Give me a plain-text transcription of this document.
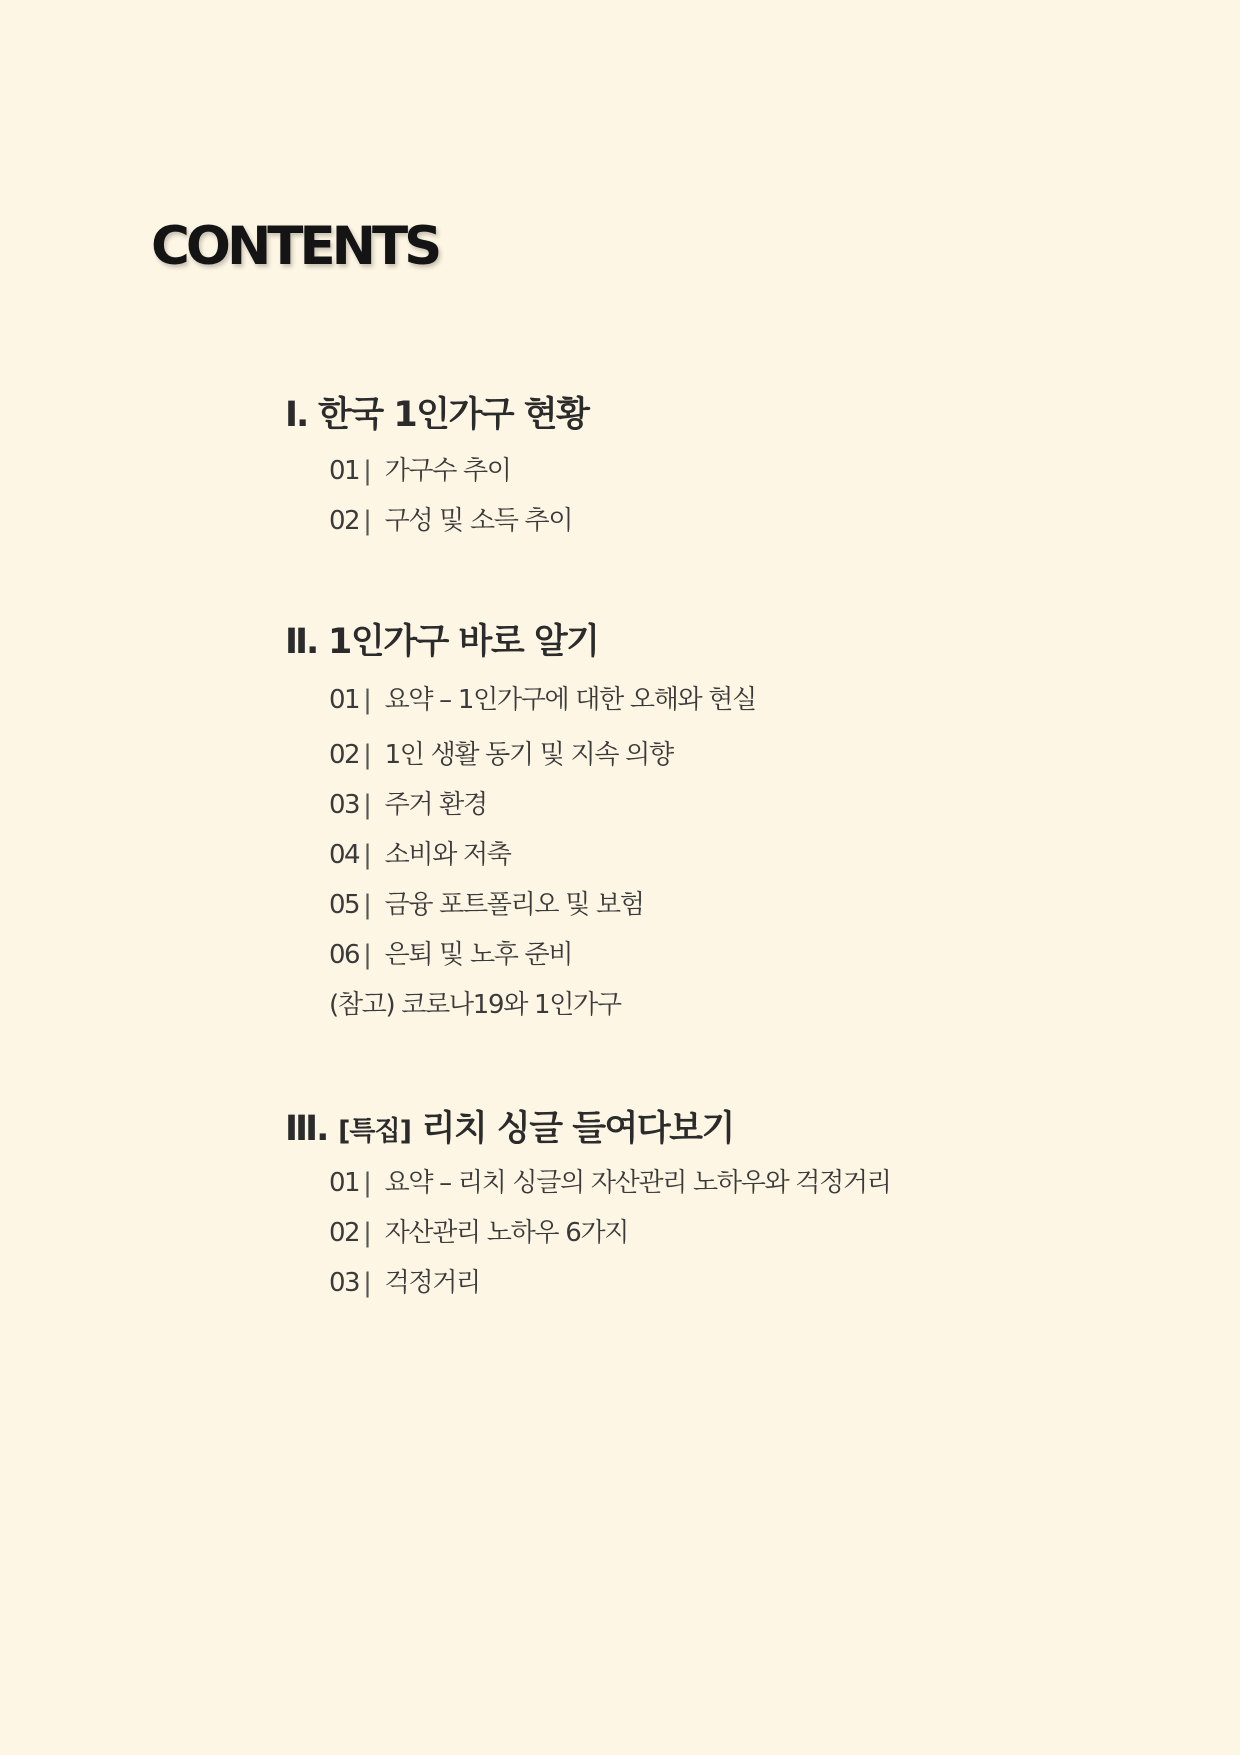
CONTENTS
Ⅰ. 한국 1인가구 현황
01 | 가구수 추이
02 | 구성 및 소득 추이
Ⅱ. 1인가구 바로 알기
01 | 요약 – 1인가구에 대한 오해와 현실
02 | 1인 생활 동기 및 지속 의향
03 | 주거 환경
04 | 소비와 저축
05 | 금융 포트폴리오 및 보험
06 | 은퇴 및 노후 준비
(참고) 코로나19와 1인가구
Ⅲ. [특집] 리치 싱글 들여다보기
01 | 요약 – 리치 싱글의 자산관리 노하우와 걱정거리
02 | 자산관리 노하우 6가지
03 | 걱정거리
